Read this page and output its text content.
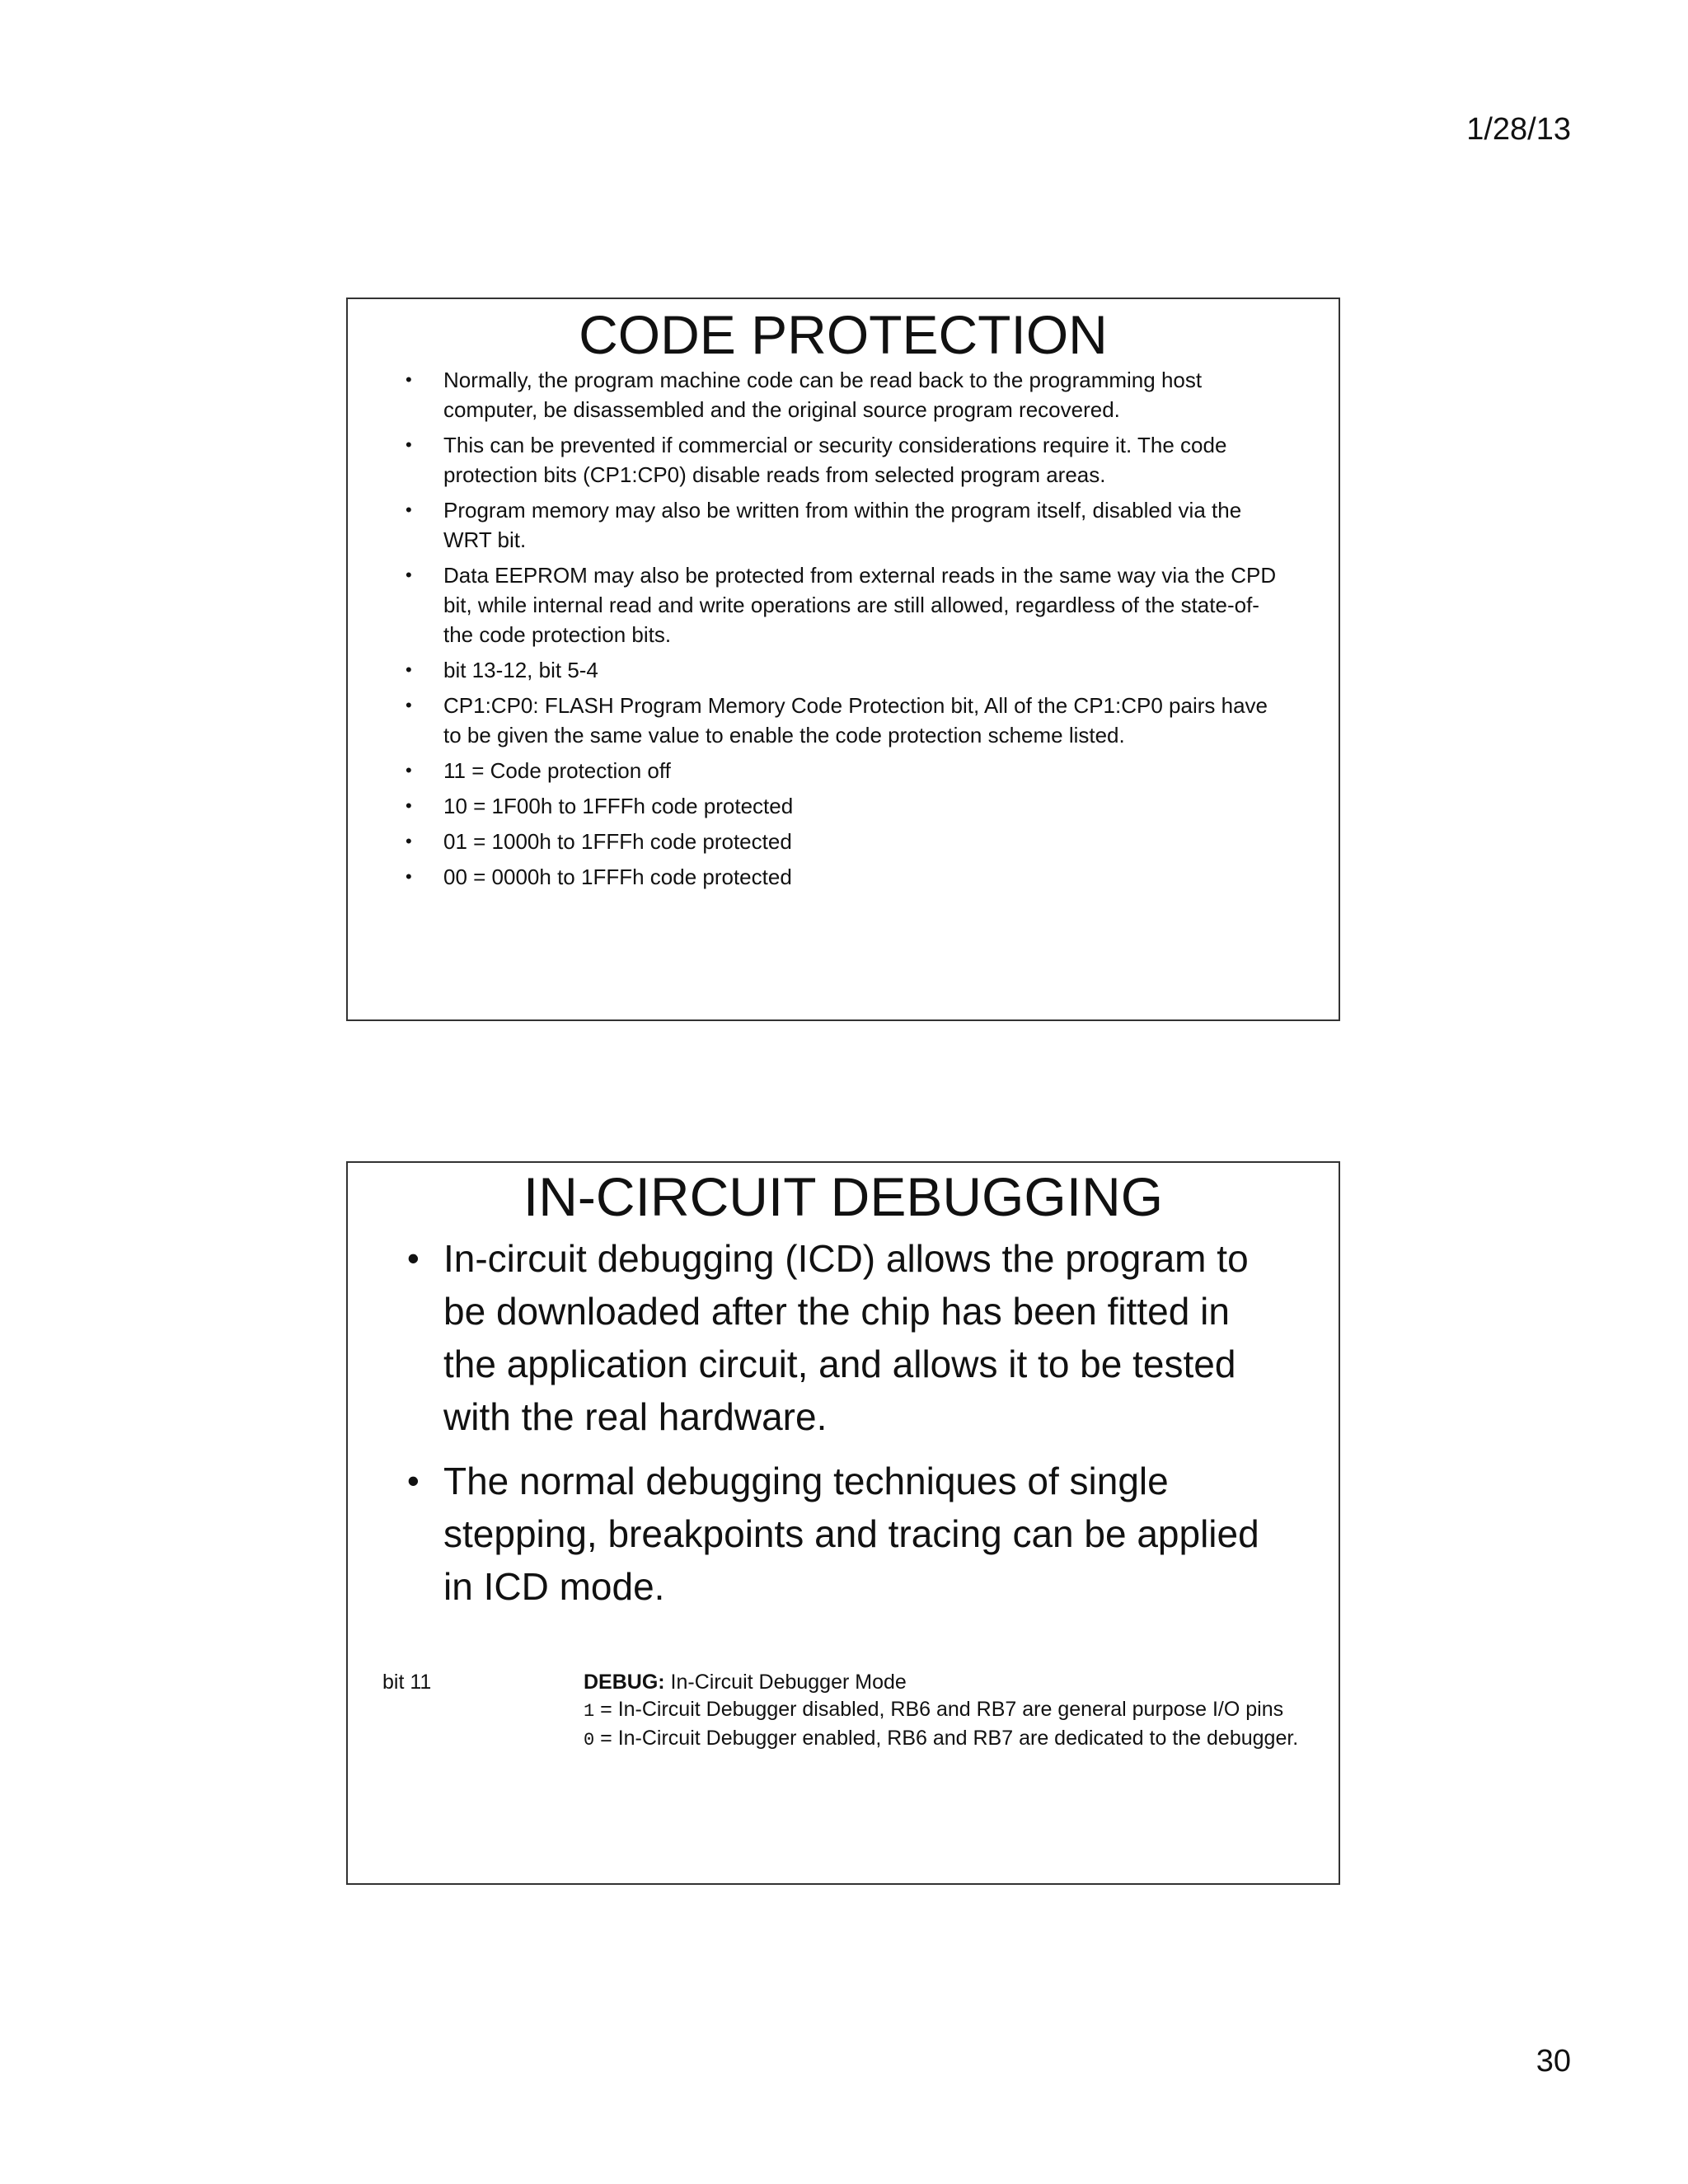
1/28/13
CODE PROTECTION
• Normally, the program machine code can be read back to the programming host computer, be disassembled and the original source program recovered.
• This can be prevented if commercial or security considerations require it. The code protection bits (CP1:CP0) disable reads from selected program areas.
• Program memory may also be written from within the program itself, disabled via the WRT bit.
• Data EEPROM may also be protected from external reads in the same way via the CPD bit, while internal read and write operations are still allowed, regardless of the state-of-the code protection bits.
• bit 13-12, bit 5-4
• CP1:CP0: FLASH Program Memory Code Protection bit, All of the CP1:CP0 pairs have to be given the same value to enable the code protection scheme listed.
• 11 = Code protection off
• 10 = 1F00h to 1FFFh code protected
• 01 = 1000h to 1FFFh code protected
• 00 = 0000h to 1FFFh code protected
IN-CIRCUIT DEBUGGING
• In-circuit debugging (ICD) allows the program to be downloaded after the chip has been fitted in the application circuit, and allows it to be tested with the real hardware.
• The normal debugging techniques of single stepping, breakpoints and tracing can be applied in ICD mode.
bit 11	DEBUG: In-Circuit Debugger Mode
1 = In-Circuit Debugger disabled, RB6 and RB7 are general purpose I/O pins
0 = In-Circuit Debugger enabled, RB6 and RB7 are dedicated to the debugger.
30
